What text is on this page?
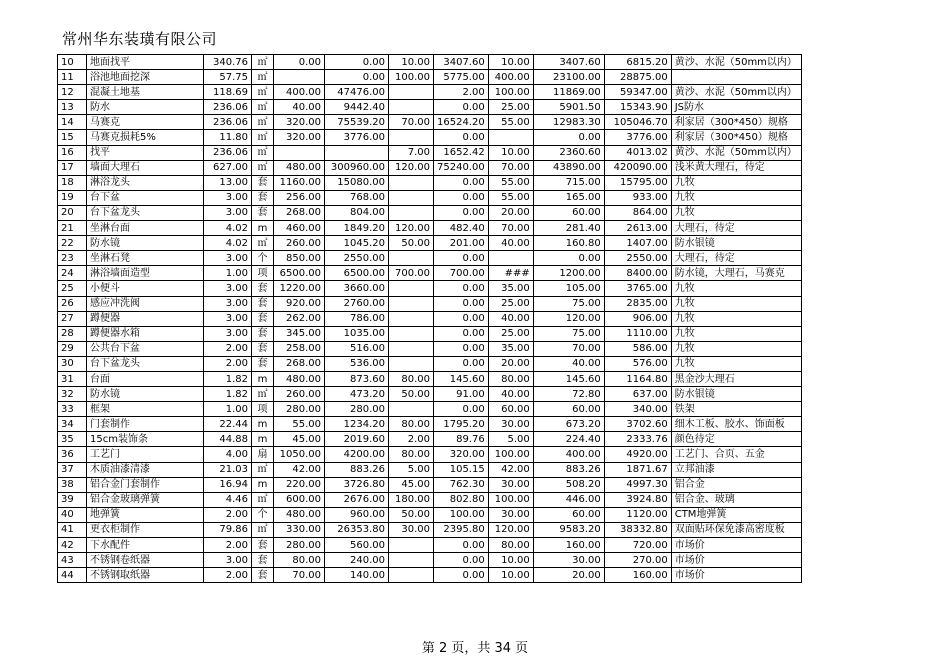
常州华东装璜有限公司
10	地面找平	340.76	㎡	0.00	0.00	10.00	3407.60	10.00	3407.60	6815.20	黄沙、水泥（50mm以内）
11	浴池地面挖深	57.75	㎡		0.00	100.00	5775.00	400.00	23100.00	28875.00	
12	混凝土地基	118.69	㎡	400.00	47476.00		2.00	100.00	11869.00	59347.00	黄沙、水泥（50mm以内）
13	防水	236.06	㎡	40.00	9442.40		0.00	25.00	5901.50	15343.90	JS防水
14	马赛克	236.06	㎡	320.00	75539.20	70.00	16524.20	55.00	12983.30	105046.70	利家居（300*450）规格
15	马赛克损耗5%	11.80	㎡	320.00	3776.00		0.00		0.00	3776.00	利家居（300*450）规格
16	找平	236.06	㎡			7.00	1652.42	10.00	2360.60	4013.02	黄沙、水泥（50mm以内）
17	墙面大理石	627.00	㎡	480.00	300960.00	120.00	75240.00	70.00	43890.00	420090.00	浅米黄大理石，待定
18	淋浴龙头	13.00	套	1160.00	15080.00		0.00	55.00	715.00	15795.00	九牧
19	台下盆	3.00	套	256.00	768.00		0.00	55.00	165.00	933.00	九牧
20	台下盆龙头	3.00	套	268.00	804.00		0.00	20.00	60.00	864.00	九牧
21	坐淋台面	4.02	m	460.00	1849.20	120.00	482.40	70.00	281.40	2613.00	大理石，待定
22	防水镜	4.02	㎡	260.00	1045.20	50.00	201.00	40.00	160.80	1407.00	防水银镜
23	坐淋石凳	3.00	个	850.00	2550.00		0.00		0.00	2550.00	大理石，待定
24	淋浴墙面造型	1.00	项	6500.00	6500.00	700.00	700.00	###	1200.00	8400.00	防水镜，大理石，马赛克
25	小便斗	3.00	套	1220.00	3660.00		0.00	35.00	105.00	3765.00	九牧
26	感应冲洗阀	3.00	套	920.00	2760.00		0.00	25.00	75.00	2835.00	九牧
27	蹲便器	3.00	套	262.00	786.00		0.00	40.00	120.00	906.00	九牧
28	蹲便器水箱	3.00	套	345.00	1035.00		0.00	25.00	75.00	1110.00	九牧
29	公共台下盆	2.00	套	258.00	516.00		0.00	35.00	70.00	586.00	九牧
30	台下盆龙头	2.00	套	268.00	536.00		0.00	20.00	40.00	576.00	九牧
31	台面	1.82	m	480.00	873.60	80.00	145.60	80.00	145.60	1164.80	黑金沙大理石
32	防水镜	1.82	㎡	260.00	473.20	50.00	91.00	40.00	72.80	637.00	防水银镜
33	框架	1.00	项	280.00	280.00		0.00	60.00	60.00	340.00	铁架
34	门套制作	22.44	m	55.00	1234.20	80.00	1795.20	30.00	673.20	3702.60	细木工板、胶水、饰面板
35	15cm装饰条	44.88	m	45.00	2019.60	2.00	89.76	5.00	224.40	2333.76	颜色待定
36	工艺门	4.00	扇	1050.00	4200.00	80.00	320.00	100.00	400.00	4920.00	工艺门、合页、五金
37	木质油漆清漆	21.03	㎡	42.00	883.26	5.00	105.15	42.00	883.26	1871.67	立邦油漆
38	铝合金门套制作	16.94	m	220.00	3726.80	45.00	762.30	30.00	508.20	4997.30	铝合金
39	铝合金玻璃弹簧	4.46	㎡	600.00	2676.00	180.00	802.80	100.00	446.00	3924.80	铝合金、玻璃
40	地弹簧	2.00	个	480.00	960.00	50.00	100.00	30.00	60.00	1120.00	CTM地弹簧
41	更衣柜制作	79.86	㎡	330.00	26353.80	30.00	2395.80	120.00	9583.20	38332.80	双面贴环保免漆高密度板
42	下水配件	2.00	套	280.00	560.00		0.00	80.00	160.00	720.00	市场价
43	不锈钢卷纸器	3.00	套	80.00	240.00		0.00	10.00	30.00	270.00	市场价
44	不锈钢取纸器	2.00	套	70.00	140.00		0.00	10.00	20.00	160.00	市场价
第 2 页，共 34 页
